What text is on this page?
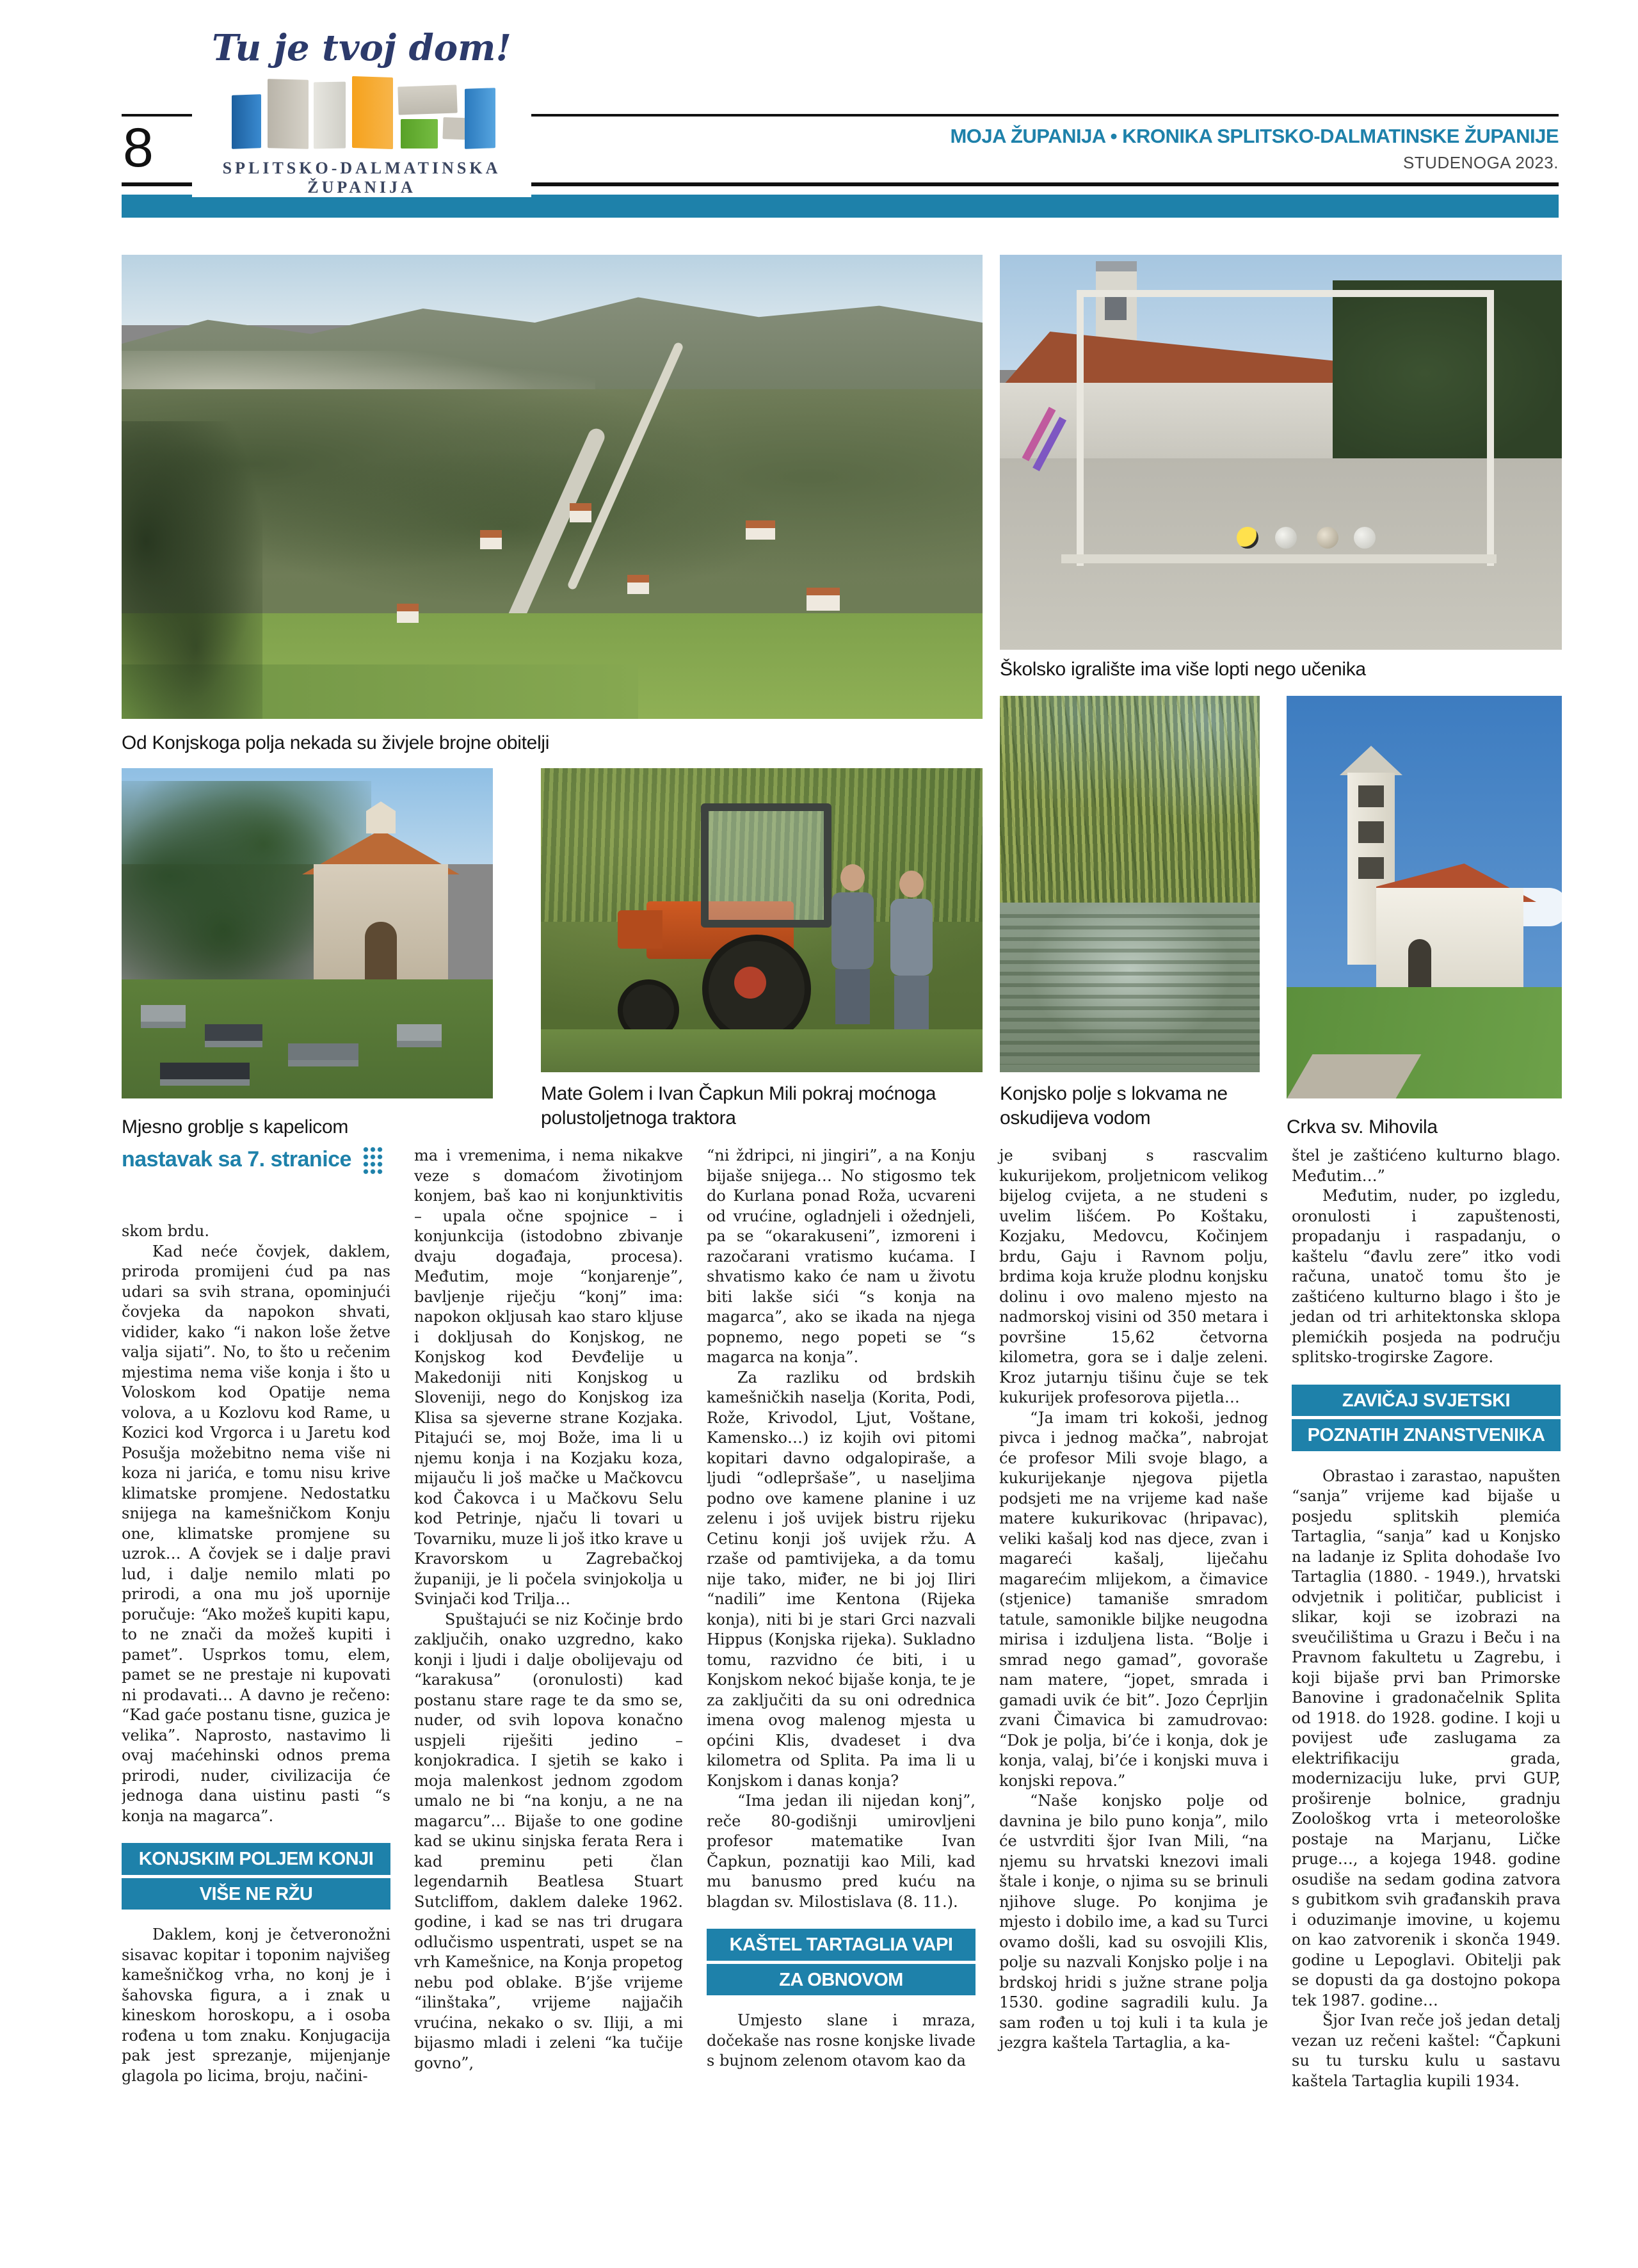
8
Tu je tvoj dom!
SPLITSKO-DALMATINSKA ŽUPANIJA
MOJA ŽUPANIJA • KRONIKA SPLITSKO-DALMATINSKE ŽUPANIJE
STUDENOGA 2023.
Od Konjskoga polja nekada su živjele brojne obitelji
Školsko igralište ima više lopti nego učenika
Mjesno groblje s kapelicom
Mate Golem i Ivan Čapkun Mili pokraj moćnoga polustoljetnoga traktora
Konjsko polje s lokvama ne oskudijeva vodom	Crkva sv. Mihovila
nastavak sa 7. stranice

skom brdu.

Kad neće čovjek, daklem, priroda promijeni ćud pa nas udari sa svih strana, opominjući čovjeka da napokon shvati, vidider, kako “i nakon loše žetve valja sijati”. No, to što u rečenim mjestima nema više konja i što u Voloskom kod Opatije nema volova, a u Kozlovu kod Rame, u Kozici kod Vrgorca i u Jaretu kod Posušja možebitno nema više ni koza ni jarića, e tomu nisu krive klimatske promjene. Nedostatku snijega na kamešničkom Konju one, klimatske promjene su uzrok… A čovjek se i dalje pravi lud, i dalje nemilo mlati po prirodi, a ona mu još upornije poručuje: “Ako možeš kupiti kapu, to ne znači da možeš kupiti i pamet”. Usprkos tomu, elem, pamet se ne prestaje ni kupovati ni prodavati… A davno je rečeno: “Kad gaće postanu tisne, guzica je velika”. Naprosto, nastavimo li ovaj maćehinski odnos prema prirodi, nuder, civilizacija će jednoga dana uistinu pasti “s konja na magarca”.

KONJSKIM POLJEM KONJI
VIŠE NE RŽU

Daklem, konj je četveronožni sisavac kopitar i toponim najvišeg kamešničkog vrha, no konj je i šahovska figura, a i znak u kineskom horoskopu, a i osoba rođena u tom znaku. Konjugacija pak jest sprezanje, mijenjanje glagola po licima, broju, načini-

ma i vremenima, i nema nikakve veze s domaćom životinjom konjem, baš kao ni konjunktivitis – upala očne spojnice – i konjunkcija (istodobno zbivanje dvaju događaja, procesa). Međutim, moje “konjarenje”, bavljenje riječju “konj” ima: napokon okljusah kao staro kljuse i dokljusah do Konjskog, ne Konjskog kod Đevđelije u Makedoniji niti Konjskog u Sloveniji, nego do Konjskog iza Klisa sa sjeverne strane Kozjaka. Pitajući se, moj Bože, ima li u njemu konja i na Kozjaku koza, mijauču li još mačke u Mačkovcu kod Čakovca i u Mačkovu Selu kod Petrinje, njaču li tovari u Tovarniku, muze li još itko krave u Kravorskom u Zagrebačkoj županiji, je li počela svinjokolja u Svinjači kod Trilja…

Spuštajući se niz Kočinje brdo zaključih, onako uzgredno, kako konji i ljudi i dalje obolijevaju od “karakusa” (oronulosti) kad postanu stare rage te da smo se, nuder, od svih lopova konačno uspjeli riješiti jedino – konjokradica. I sjetih se kako i moja malenkost jednom zgodom umalo ne bi “na konju, a ne na magarcu”… Bijaše to one godine kad se ukinu sinjska ferata Rera i kad preminu peti član legendarnih Beatlesa Stuart Sutcliffom, daklem daleke 1962. godine, i kad se nas tri drugara odlučismo uspentrati, uspet se na vrh Kamešnice, na Konja propetog nebu pod oblake. B’jše vrijeme “ilinštaka”, vrijeme najjačih vrućina, nekako o sv. Iliji, a mi bijasmo mladi i zeleni “ka tučije govno”,

“ni ždripci, ni jingiri”, a na Konju bijaše snijega… No stigosmo tek do Kurlana ponad Roža, ucvareni od vrućine, ogladnjeli i ožednjeli, pa se “okarakuseni”, izmoreni i razočarani vratismo kućama. I shvatismo kako će nam u životu biti lakše sići “s konja na magarca”, ako se ikada na njega popnemo, nego popeti se “s magarca na konja”.

Za razliku od brdskih kamešničkih naselja (Korita, Podi, Rože, Krivodol, Ljut, Voštane, Kamensko…) iz kojih ovi pitomi kopitari davno odgalopiraše, a ljudi “odlepršaše”, u naseljima podno ove kamene planine i uz zelenu i još uvijek bistru rijeku Cetinu konji još uvijek ržu. A rzaše od pamtivijeka, a da tomu nije tako, miđer, ne bi joj Iliri “nadili” ime Kentona (Rijeka konja), niti bi je stari Grci nazvali Hippus (Konjska rijeka). Sukladno tomu, razvidno će biti, i u Konjskom nekoć bijaše konja, te je za zaključiti da su oni odrednica imena ovog malenog mjesta u općini Klis, dvadeset i dva kilometra od Splita. Pa ima li u Konjskom i danas konja?

“Ima jedan ili nijedan konj”, reče 80-godišnji umirovljeni profesor matematike Ivan Čapkun, poznatiji kao Mili, kad mu banusmo pred kuću na blagdan sv. Milostislava (8. 11.).

KAŠTEL TARTAGLIA VAPI
ZA OBNOVOM

Umjesto slane i mraza, dočekaše nas rosne konjske livade s bujnom zelenom otavom kao da

je svibanj s rascvalim kukurijekom, proljetnicom velikog bijelog cvijeta, a ne studeni s uvelim lišćem. Po Koštaku, Kozjaku, Medovcu, Kočinjem brdu, Gaju i Ravnom polju, brdima koja kruže plodnu konjsku dolinu i ovo maleno mjesto na nadmorskoj visini od 350 metara i površine 15,62 četvorna kilometra, gora se i dalje zeleni. Kroz jutarnju tišinu čuje se tek kukurijek profesorova pijetla…

“Ja imam tri kokoši, jednog pivca i jednog mačka”, nabrojat će profesor Mili svoje blago, a kukurijekanje njegova pijetla podsjeti me na vrijeme kad naše matere kukurikovac (hripavac), veliki kašalj kod nas djece, zvan i magareći kašalj, liječahu magarećim mlijekom, a čimavice (stjenice) tamaniše smradom tatule, samonikle biljke neugodna mirisa i izduljena lista. “Bolje i smrad nego gamad”, govoraše nam matere, “jopet, smrada i gamadi uvik će bit”. Jozo Ćeprljin zvani Čimavica bi zamudrovao: “Dok je polja, bi’će i konja, dok je konja, valaj, bi’će i konjski muva i konjski repova.”

“Naše konjsko polje od davnina je bilo puno konja”, milo će ustvrditi šjor Ivan Mili, “na njemu su hrvatski knezovi imali štale i konje, o njima su se brinuli njihove sluge. Po konjima je mjesto i dobilo ime, a kad su Turci ovamo došli, kad su osvojili Klis, polje su nazvali Konjsko polje i na brdskoj hridi s južne strane polja 1530. godine sagradili kulu. Ja sam rođen u toj kuli i ta kula je jezgra kaštela Tartaglia, a ka-

štel je zaštićeno kulturno blago. Međutim…”

Međutim, nuder, po izgledu, oronulosti i zapuštenosti, propadanju i raspadanju, o kaštelu “đavlu zere” itko vodi računa, unatoč tomu što je zaštićeno kulturno blago i što je jedan od tri arhitektonska sklopa plemićkih posjeda na području splitsko-trogirske Zagore.

ZAVIČAJ SVJETSKI
POZNATIH ZNANSTVENIKA

Obrastao i zarastao, napušten “sanja” vrijeme kad bijaše u posjedu splitskih plemića Tartaglia, “sanja” kad u Konjsko na ladanje iz Splita dohodaše Ivo Tartaglia (1880. - 1949.), hrvatski odvjetnik i političar, publicist i slikar, koji se izobrazi na sveučilištima u Grazu i Beču i na Pravnom fakultetu u Zagrebu, i koji bijaše prvi ban Primorske Banovine i gradonačelnik Splita od 1918. do 1928. godine. I koji u povijest uđe zaslugama za elektrifikaciju grada, modernizaciju luke, prvi GUP, proširenje bolnice, gradnju Zoološkog vrta i meteorološke postaje na Marjanu, Ličke pruge…, a kojega 1948. godine osudiše na sedam godina zatvora s gubitkom svih građanskih prava i oduzimanje imovine, u kojemu on kao zatvorenik i skonča 1949. godine u Lepoglavi. Obitelji pak se dopusti da ga dostojno pokopa tek 1987. godine…

Šjor Ivan reče još jedan detalj vezan uz rečeni kaštel: “Čapkuni su tu tursku kulu u sastavu kaštela Tartaglia kupili 1934.
